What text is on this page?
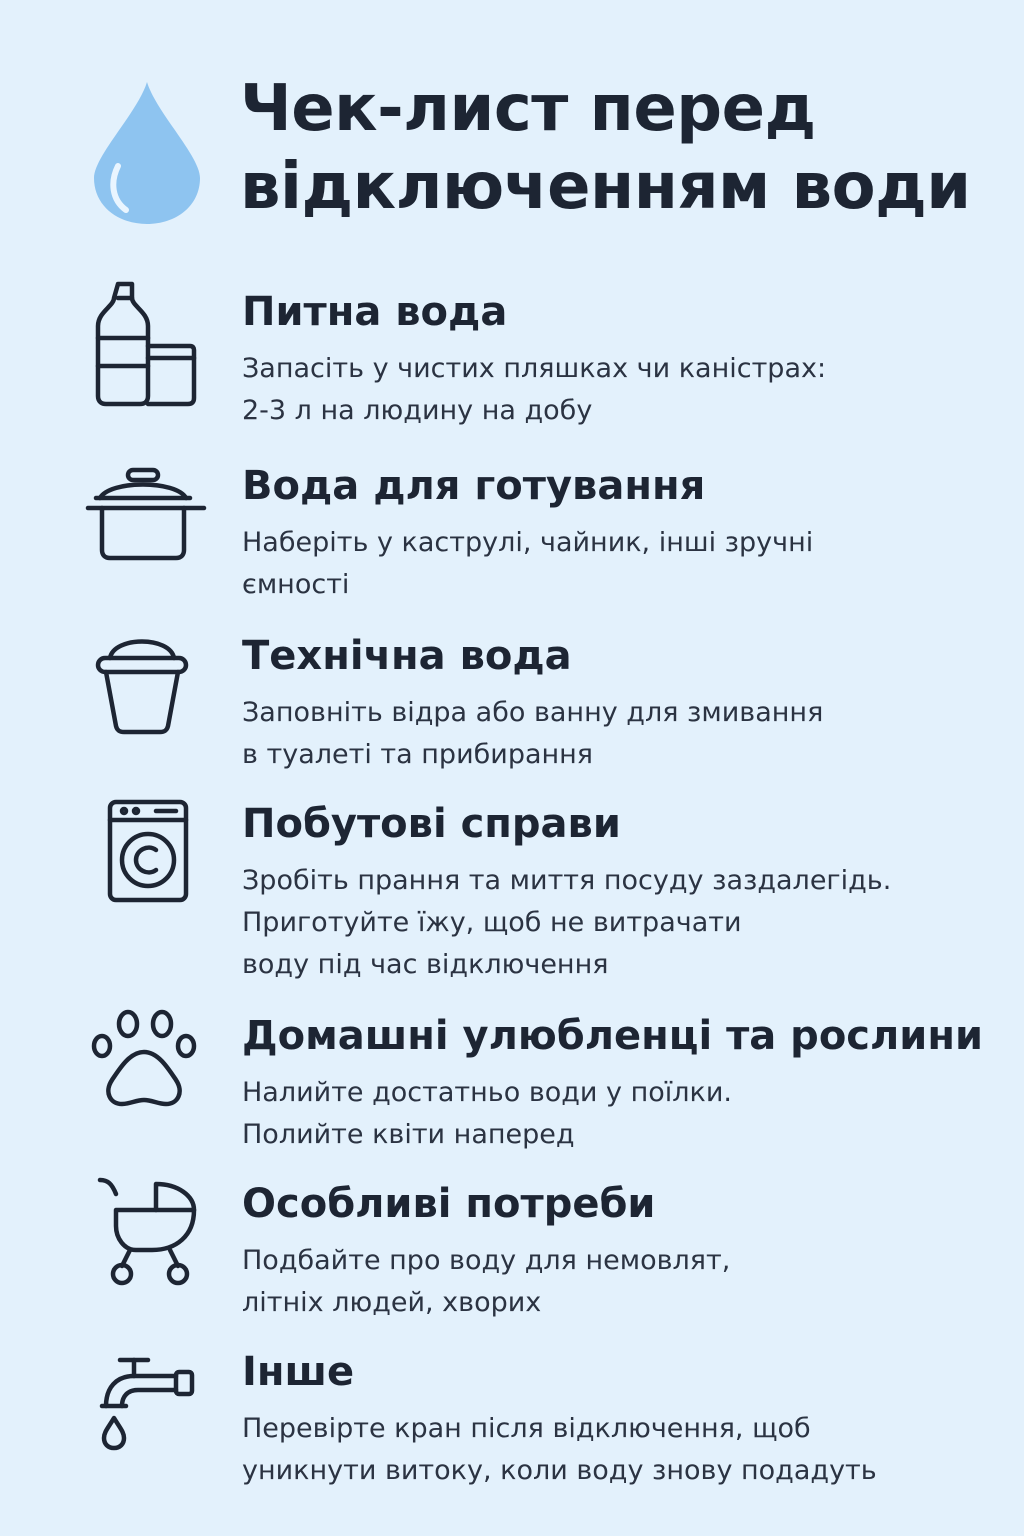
Чек-лист перед
відключенням води
Питна вода

Запасіть у чистих пляшках чи каністрах:
2-3 л на людину на добу

Вода для готування

Наберіть у каструлі, чайник, інші зручні
ємності

Технічна вода

Заповніть відра або ванну для змивання
в туалеті та прибирання

Побутові справи

Зробіть прання та миття посуду заздалегідь.
Приготуйте їжу, щоб не витрачати
воду під час відключення

Домашні улюбленці та рослини

Налийте достатньо води у поїлки.
Полийте квіти наперед

Особливі потреби

Подбайте про воду для немовлят,
літніх людей, хворих

Інше

Перевірте кран після відключення, щоб
уникнути витоку, коли воду знову подадуть
